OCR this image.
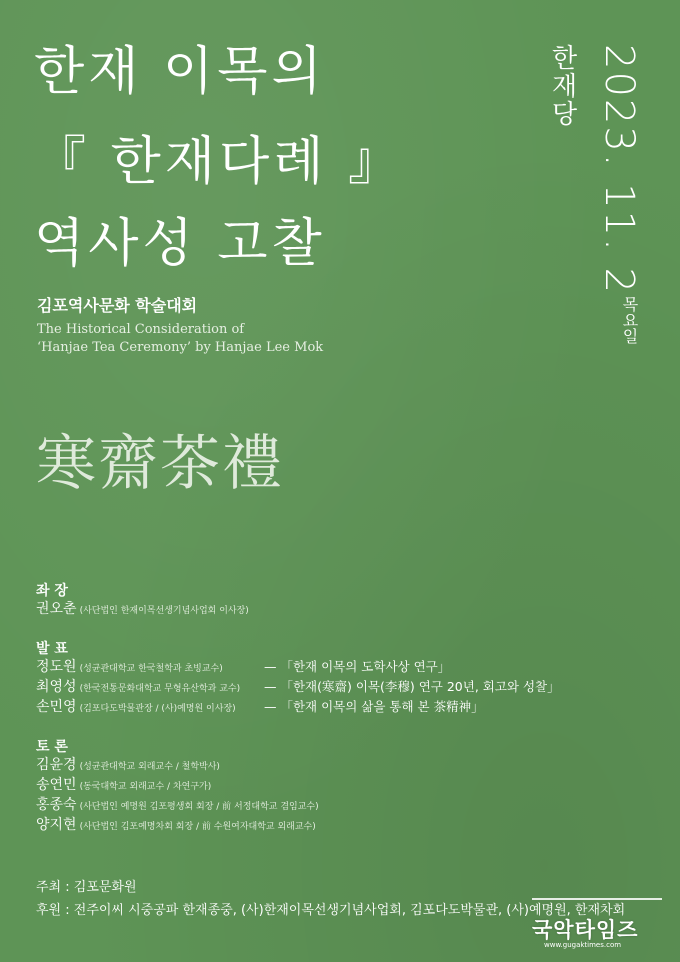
한재 이목의
『 한재다례 』
역사성 고찰
김포역사문화 학술대회
The Historical Consideration of
‘Hanjae Tea Ceremony’ by Hanjae Lee Mok
寒齋茶禮
2023. 11. 2
목요일
한재당
좌 장
권오춘 (사단법인 한재이목선생기념사업회 이사장)
발 표
정도원 (성균관대학교 한국철학과 초빙교수)	— 「한재 이목의 도학사상 연구」
최영성 (한국전통문화대학교 무형유산학과 교수) — 「한재(寒齋) 이목(李穆) 연구 20년, 회고와 성찰」
손민영 (김포다도박물관장 / (사)예명원 이사장) — 「한재 이목의 삶을 통해 본 茶精神」
토 론
김윤경 (성균관대학교 외래교수 / 철학박사)
송연민 (동국대학교 외래교수 / 차연구가)
홍종숙 (사단법인 예명원 김포평생회 회장 / 前 서정대학교 겸임교수)
양지현 (사단법인 김포예명차회 회장 / 前 수원여자대학교 외래교수)
주최 : 김포문화원
후원 : 전주이씨 시중공파 한재종중, (사)한재이목선생기념사업회, 김포다도박물관, (사)예명원, 한재차회
국악타임즈
www.gugaktimes.com
